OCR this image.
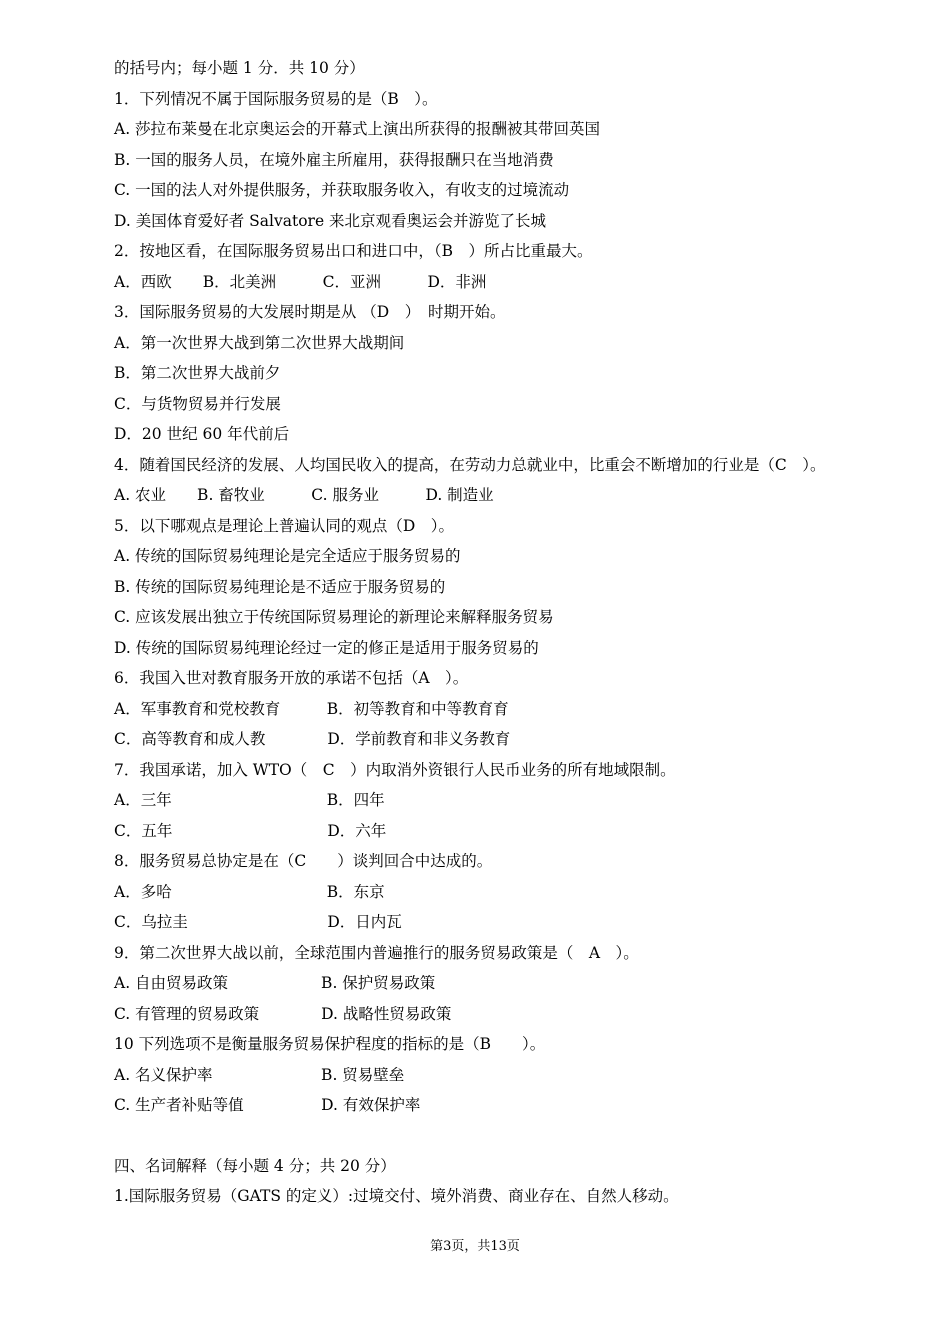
的括号内；每小题 1 分．共 10 分）
1．下列情况不属于国际服务贸易的是（B　）。
A. 莎拉布莱曼在北京奥运会的开幕式上演出所获得的报酬被其带回英国
B. 一国的服务人员，在境外雇主所雇用，获得报酬只在当地消费
C. 一国的法人对外提供服务，并获取服务收入，有收支的过境流动
D. 美国体育爱好者 Salvatore 来北京观看奥运会并游览了长城
2．按地区看，在国际服务贸易出口和进口中，（B　）所占比重最大。
A．西欧　　B．北美洲　　　C．亚洲　　　D．非洲
3．国际服务贸易的大发展时期是从 （D　）　时期开始。
A．第一次世界大战到第二次世界大战期间
B．第二次世界大战前夕
C．与货物贸易并行发展
D．20 世纪 60 年代前后
4．随着国民经济的发展、人均国民收入的提高，在劳动力总就业中，比重会不断增加的行业是（C　）。
A. 农业　　B. 畜牧业　　　C. 服务业　　　D. 制造业
5．以下哪观点是理论上普遍认同的观点（D　）。
A. 传统的国际贸易纯理论是完全适应于服务贸易的
B. 传统的国际贸易纯理论是不适应于服务贸易的
C. 应该发展出独立于传统国际贸易理论的新理论来解释服务贸易
D. 传统的国际贸易纯理论经过一定的修正是适用于服务贸易的
6．我国入世对教育服务开放的承诺不包括（A　）。
A．军事教育和党校教育　　　B．初等教育和中等教育育
C．高等教育和成人教　　　　D．学前教育和非义务教育
7．我国承诺，加入 WTO（　C　）内取消外资银行人民币业务的所有地域限制。
A．三年　　　　　　　　　　B．四年
C．五年　　　　　　　　　　D．六年
8．服务贸易总协定是在（C　　）谈判回合中达成的。
A．多哈　　　　　　　　　　B．东京
C．乌拉圭　　　　　　　　　D．日内瓦
9．第二次世界大战以前，全球范围内普遍推行的服务贸易政策是（　A　）。
A. 自由贸易政策　　　　　　B. 保护贸易政策
C. 有管理的贸易政策　　　　D. 战略性贸易政策
10 下列选项不是衡量服务贸易保护程度的指标的是（B　　）。
A. 名义保护率　　　　　　　B. 贸易壁垒
C. 生产者补贴等值　　　　　D. 有效保护率
四、名词解释（每小题 4 分；共 20 分）
1.国际服务贸易（GATS 的定义）:过境交付、境外消费、商业存在、自然人移动。
第3页，共13页
